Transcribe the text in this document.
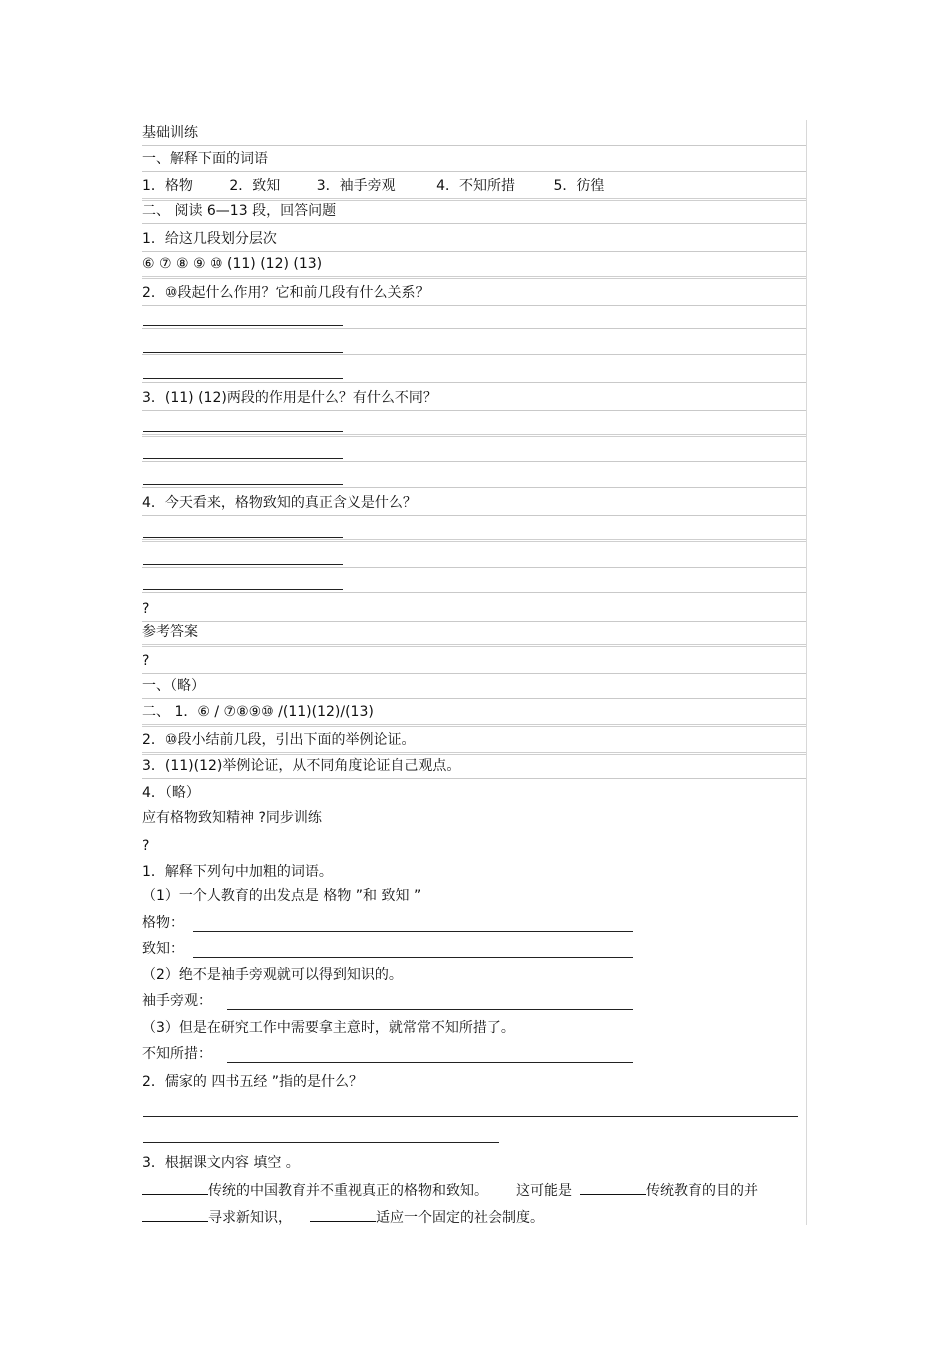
基础训练
一、解释下面的词语
1．格物	2．致知	3．袖手旁观	4．不知所措	5．彷徨
二、 阅读 6—13 段，回答问题
1．给这几段划分层次
⑥ ⑦ ⑧ ⑨ ⑩ (11) (12) (13)
2．⑩段起什么作用？它和前几段有什么关系？
3．(11) (12)两段的作用是什么？有什么不同？
4．今天看来，格物致知的真正含义是什么？
?
参考答案
?
一、（略）
二、 1．⑥ / ⑦⑧⑨⑩ /(11)(12)/(13)
2．⑩段小结前几段，引出下面的举例论证。
3．(11)(12)举例论证，从不同角度论证自己观点。
4．（略）
应有格物致知精神 ?同步训练
?
1．解释下列句中加粗的词语。
（1）一个人教育的出发点是 格物 ”和 致知 ”
格物：
致知：
（2）绝不是袖手旁观就可以得到知识的。
袖手旁观：
（3）但是在研究工作中需要拿主意时，就常常不知所措了。
不知所措：
2．儒家的 四书五经 ”指的是什么？
3．根据课文内容 填空 。
传统的中国教育并不重视真正的格物和致知。 这可能是	传统教育的目的并
寻求新知识，	适应一个固定的社会制度。
